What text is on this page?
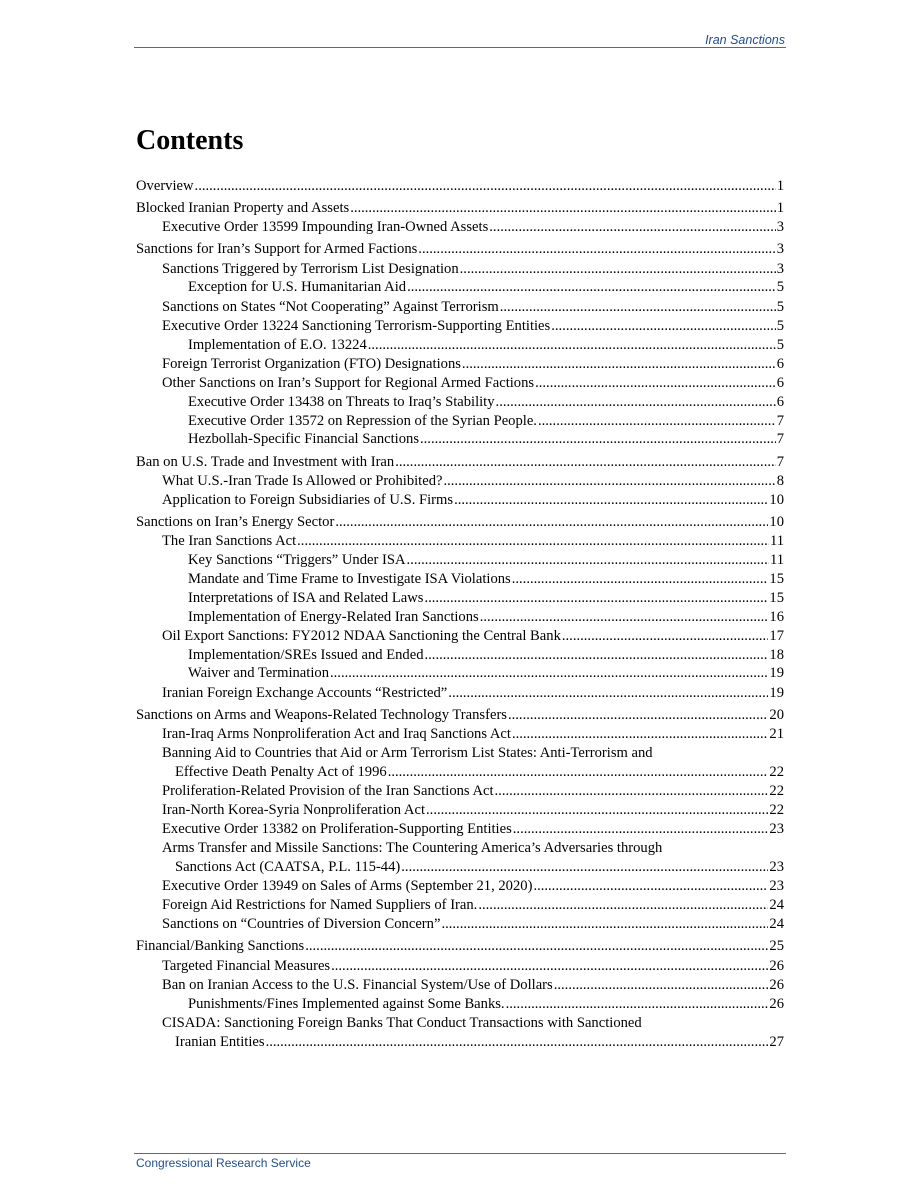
Iran Sanctions
Contents
Overview .....	1
Blocked Iranian Property and Assets .....	1
Executive Order 13599 Impounding Iran-Owned Assets .....	3
Sanctions for Iran’s Support for Armed Factions .....	3
Sanctions Triggered by Terrorism List Designation .....	3
Exception for U.S. Humanitarian Aid .....	5
Sanctions on States “Not Cooperating” Against Terrorism .....	5
Executive Order 13224 Sanctioning Terrorism-Supporting Entities .....	5
Implementation of E.O. 13224 .....	5
Foreign Terrorist Organization (FTO) Designations .....	6
Other Sanctions on Iran’s Support for Regional Armed Factions .....	6
Executive Order 13438 on Threats to Iraq’s Stability .....	6
Executive Order 13572 on Repression of the Syrian People. .....	7
Hezbollah-Specific Financial Sanctions .....	7
Ban on U.S. Trade and Investment with Iran .....	7
What U.S.-Iran Trade Is Allowed or Prohibited? .....	8
Application to Foreign Subsidiaries of U.S. Firms .....	10
Sanctions on Iran’s Energy Sector .....	10
The Iran Sanctions Act .....	11
Key Sanctions “Triggers” Under ISA .....	11
Mandate and Time Frame to Investigate ISA Violations .....	15
Interpretations of ISA and Related Laws .....	15
Implementation of Energy-Related Iran Sanctions .....	16
Oil Export Sanctions: FY2012 NDAA Sanctioning the Central Bank .....	17
Implementation/SREs Issued and Ended .....	18
Waiver and Termination .....	19
Iranian Foreign Exchange Accounts “Restricted” .....	19
Sanctions on Arms and Weapons-Related Technology Transfers .....	20
Iran-Iraq Arms Nonproliferation Act and Iraq Sanctions Act .....	21
Banning Aid to Countries that Aid or Arm Terrorism List States: Anti-Terrorism and
Effective Death Penalty Act of 1996 .....	22
Proliferation-Related Provision of the Iran Sanctions Act .....	22
Iran-North Korea-Syria Nonproliferation Act .....	22
Executive Order 13382 on Proliferation-Supporting Entities .....	23
Arms Transfer and Missile Sanctions: The Countering America’s Adversaries through
Sanctions Act (CAATSA, P.L. 115-44) .....	23
Executive Order 13949 on Sales of Arms (September 21, 2020) .....	23
Foreign Aid Restrictions for Named Suppliers of Iran. .....	24
Sanctions on “Countries of Diversion Concern” .....	24
Financial/Banking Sanctions .....	25
Targeted Financial Measures .....	26
Ban on Iranian Access to the U.S. Financial System/Use of Dollars .....	26
Punishments/Fines Implemented against Some Banks. .....	26
CISADA: Sanctioning Foreign Banks That Conduct Transactions with Sanctioned
Iranian Entities .....	27
Congressional Research Service
